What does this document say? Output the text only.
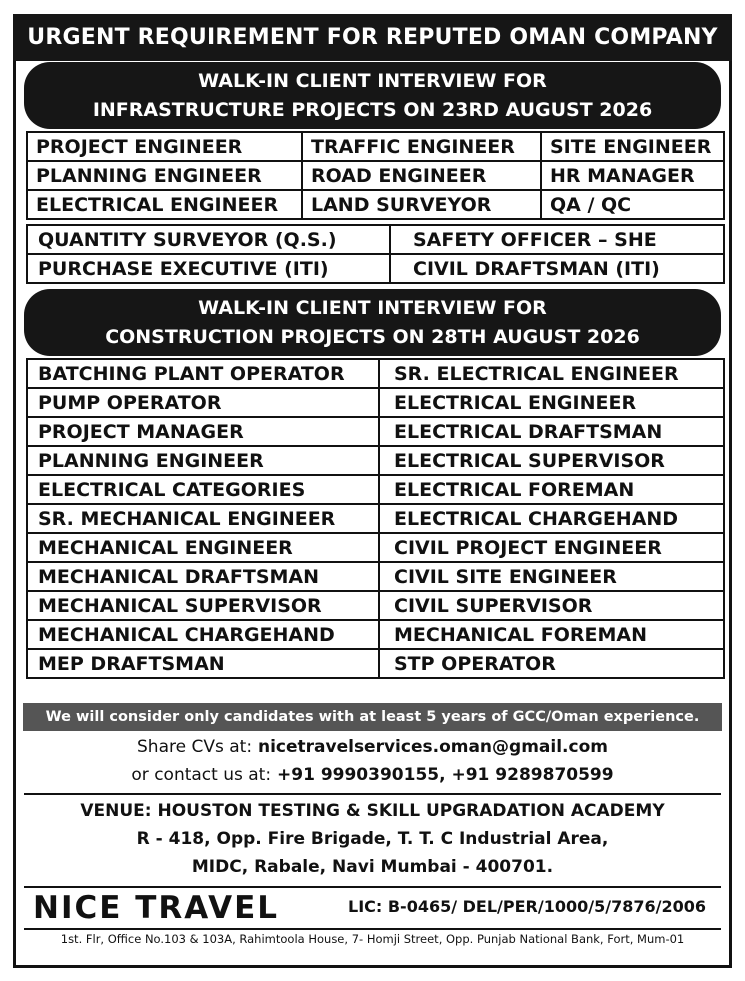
URGENT REQUIREMENT FOR REPUTED OMAN COMPANY
WALK-IN CLIENT INTERVIEW FOR
INFRASTRUCTURE PROJECTS ON 23RD AUGUST 2026
PROJECT ENGINEER	TRAFFIC ENGINEER	SITE ENGINEER
PLANNING ENGINEER	ROAD ENGINEER	HR MANAGER
ELECTRICAL ENGINEER	LAND SURVEYOR	QA / QC
QUANTITY SURVEYOR (Q.S.)	SAFETY OFFICER – SHE
PURCHASE EXECUTIVE (ITI)	CIVIL DRAFTSMAN (ITI)
WALK-IN CLIENT INTERVIEW FOR
CONSTRUCTION PROJECTS ON 28TH AUGUST 2026
BATCHING PLANT OPERATOR	SR. ELECTRICAL ENGINEER
PUMP OPERATOR	ELECTRICAL ENGINEER
PROJECT MANAGER	ELECTRICAL DRAFTSMAN
PLANNING ENGINEER	ELECTRICAL SUPERVISOR
ELECTRICAL CATEGORIES	ELECTRICAL FOREMAN
SR. MECHANICAL ENGINEER	ELECTRICAL CHARGEHAND
MECHANICAL ENGINEER	CIVIL PROJECT ENGINEER
MECHANICAL DRAFTSMAN	CIVIL SITE ENGINEER
MECHANICAL SUPERVISOR	CIVIL SUPERVISOR
MECHANICAL CHARGEHAND	MECHANICAL FOREMAN
MEP DRAFTSMAN	STP OPERATOR
We will consider only candidates with at least 5 years of GCC/Oman experience.
Share CVs at: nicetravelservices.oman@gmail.com
or contact us at: +91 9990390155, +91 9289870599
VENUE: HOUSTON TESTING & SKILL UPGRADATION ACADEMY
R - 418, Opp. Fire Brigade, T. T. C Industrial Area,
MIDC, Rabale, Navi Mumbai - 400701.
NICE TRAVEL	LIC: B-0465/ DEL/PER/1000/5/7876/2006
1st. Flr, Office No.103 & 103A, Rahimtoola House, 7- Homji Street, Opp. Punjab National Bank, Fort, Mum-01
